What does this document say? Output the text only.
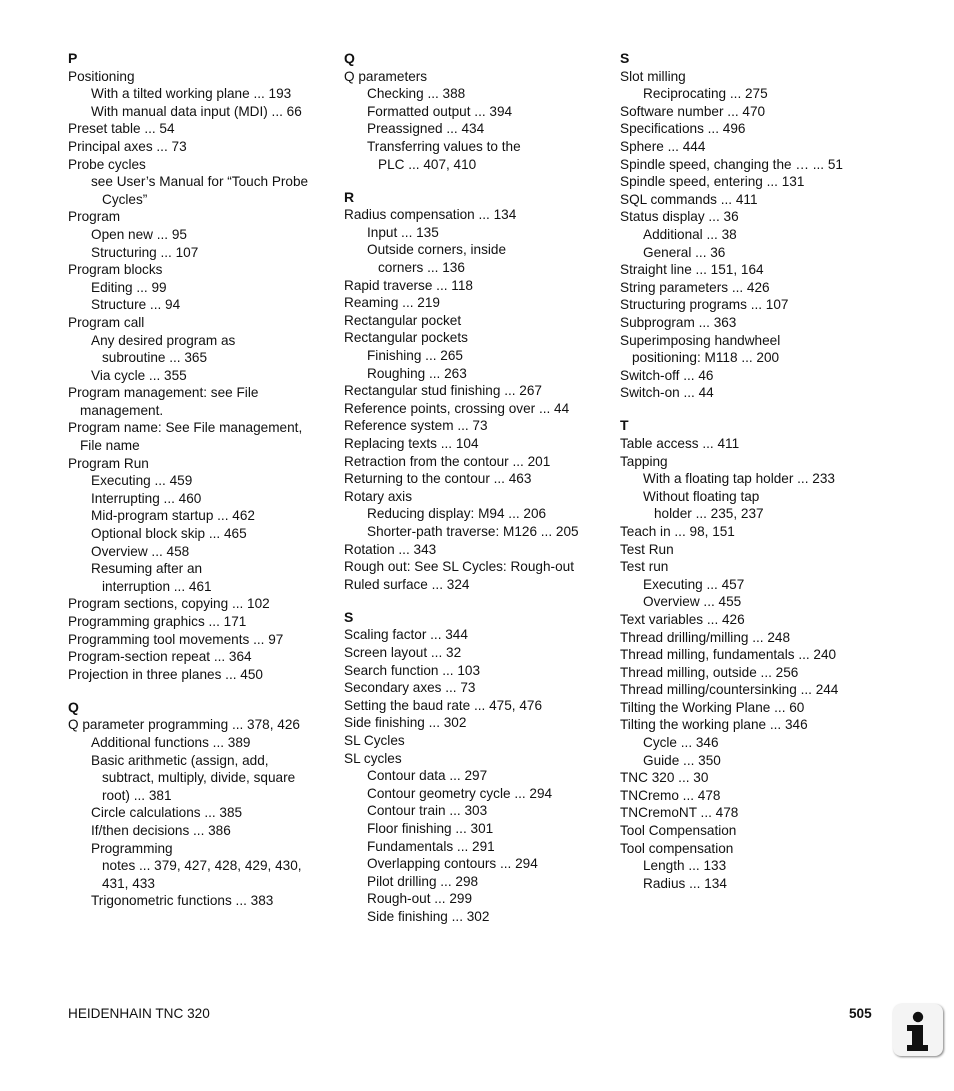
P
Positioning
With a tilted working plane ... 193
With manual data input (MDI) ... 66
Preset table ... 54
Principal axes ... 73
Probe cycles
see User’s Manual for “Touch Probe
Cycles”
Program
Open new ... 95
Structuring ... 107
Program blocks
Editing ... 99
Structure ... 94
Program call
Any desired program as
subroutine ... 365
Via cycle ... 355
Program management: see File
management.
Program name: See File management,
File name
Program Run
Executing ... 459
Interrupting ... 460
Mid-program startup ... 462
Optional block skip ... 465
Overview ... 458
Resuming after an
interruption ... 461
Program sections, copying ... 102
Programming graphics ... 171
Programming tool movements ... 97
Program-section repeat ... 364
Projection in three planes ... 450
Q
Q parameter programming ... 378, 426
Additional functions ... 389
Basic arithmetic (assign, add,
subtract, multiply, divide, square
root) ... 381
Circle calculations ... 385
If/then decisions ... 386
Programming
notes ... 379, 427, 428, 429, 430,
431, 433
Trigonometric functions ... 383
Q
Q parameters
Checking ... 388
Formatted output ... 394
Preassigned ... 434
Transferring values to the
PLC ... 407, 410
R
Radius compensation ... 134
Input ... 135
Outside corners, inside
corners ... 136
Rapid traverse ... 118
Reaming ... 219
Rectangular pocket
Rectangular pockets
Finishing ... 265
Roughing ... 263
Rectangular stud finishing ... 267
Reference points, crossing over ... 44
Reference system ... 73
Replacing texts ... 104
Retraction from the contour ... 201
Returning to the contour ... 463
Rotary axis
Reducing display: M94 ... 206
Shorter-path traverse: M126 ... 205
Rotation ... 343
Rough out: See SL Cycles: Rough-out
Ruled surface ... 324
S
Scaling factor ... 344
Screen layout ... 32
Search function ... 103
Secondary axes ... 73
Setting the baud rate ... 475, 476
Side finishing ... 302
SL Cycles
SL cycles
Contour data ... 297
Contour geometry cycle ... 294
Contour train ... 303
Floor finishing ... 301
Fundamentals ... 291
Overlapping contours ... 294
Pilot drilling ... 298
Rough-out ... 299
Side finishing ... 302
S
Slot milling
Reciprocating ... 275
Software number ... 470
Specifications ... 496
Sphere ... 444
Spindle speed, changing the … ... 51
Spindle speed, entering ... 131
SQL commands ... 411
Status display ... 36
Additional ... 38
General ... 36
Straight line ... 151, 164
String parameters ... 426
Structuring programs ... 107
Subprogram ... 363
Superimposing handwheel
positioning: M118 ... 200
Switch-off ... 46
Switch-on ... 44
T
Table access ... 411
Tapping
With a floating tap holder ... 233
Without floating tap
holder ... 235, 237
Teach in ... 98, 151
Test Run
Test run
Executing ... 457
Overview ... 455
Text variables ... 426
Thread drilling/milling ... 248
Thread milling, fundamentals ... 240
Thread milling, outside ... 256
Thread milling/countersinking ... 244
Tilting the Working Plane ... 60
Tilting the working plane ... 346
Cycle ... 346
Guide ... 350
TNC 320 ... 30
TNCremo ... 478
TNCremoNT ... 478
Tool Compensation
Tool compensation
Length ... 133
Radius ... 134
HEIDENHAIN TNC 320	505
